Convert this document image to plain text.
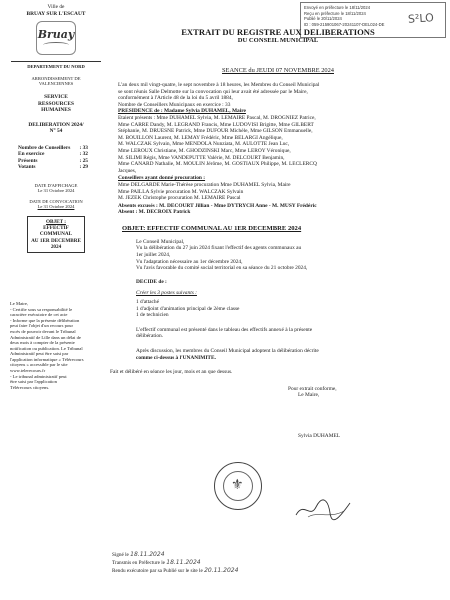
Envoyé en préfecture le 18/11/2024
Reçu en préfecture le 18/11/2024
Publié le 20/11/2024
ID : 059-215901067-20241107-DEL024-DE	S²LO
Ville de
BRUAY SUR L'ESCAUT
Bruay
DEPARTEMENT DU NORD
ARRONDISSEMENT DE VALENCIENNES
SERVICE
RESSOURCES HUMAINES
DELIBERATION 2024/
N° 54
Nombre de Conseillers : 33
En exercice	: 32
Présents	: 25
Votants	: 29
DATE D'AFFICHAGE
Le 31 Octobre 2024
DATE DE CONVOCATION
Le 31 Octobre 2024
OBJET :
EFFECTIF
COMMUNAL
AU 1ER DECEMBRE 2024
Le Maire,
- Certifie sous sa responsabilité le
caractère exécutoire de cet acte
- Informe que la présente délibération
peut faire l'objet d'un recours pour
excès de pouvoir devant le Tribunal
Administratif de Lille dans un délai de
deux mois à compter de la présente
notification ou publication. Le Tribunal
Administratif peut être saisi par
l'application informatique « Télérecours
citoyens » accessible par le site
www.telerecours.fr
- Le tribunal administratif peut
être saisi par l'application
Télérecours citoyens.
EXTRAIT DU REGISTRE AUX DELIBERATIONS
DU CONSEIL MUNICIPAL
SEANCE du JEUDI 07 NOVEMBRE 2024
L'an deux mil vingt-quatre, le sept novembre à 18 heures, les Membres du Conseil Municipal
se sont réunis Salle Delmotte sur la convocation qui leur avait été adressée par le Maire,
conformément à l'Article 48 de la loi du 5 avril 1884,
Nombre de Conseillers Municipaux en exercice : 33
PRESIDENCE de : Madame Sylvia DUHAMEL, Maire
Etaient présents : Mme DUHAMEL Sylvia, M. LEMAIRE Pascal, M. DROGNIEZ Patrice,
Mme CARRE Dandy, M. LEGRAND Francis, Mme LUDOVISI Brigitte, Mme GILBERT
Stéphanie, M. DRUESNE Patrick, Mme DUFOUR Michèle, Mme GILSON Emmanuelle,
M. BOUILLON Laurent, M. LEMAY Frédéric, Mme BELARGI Angélique,
M. WALCZAK Sylvain, Mme MENDOLA Nunziata, M. AULOTTE Jean Luc,
Mme LEROUX Christiane, M. GHODZINSKI Marc, Mme LEROY Véronique,
M. SILIMI Régis, Mme VANDEPUTTE Valérie, M. DELCOURT Benjamin,
Mme CANARD Nathalie, M. MOULIN Jérôme, M. GOSTIAUX Philippe, M. LECLERCQ
Jacques,
Conseillers ayant donné procuration :
Mme DELGARDE Marie-Thérèse procuration Mme DUHAMEL Sylvia, Maire
Mme PAILLA Sylvie procuration M. WALCZAK Sylvain
M. JEZEK Christophe procuration M. LEMAIRE Pascal
Absents excusés : M. DECOURT Jillian - Mme DYTRYCH Anne - M. MUSY Frédéric
Absent : M. DECROIX Patrick
OBJET: EFFECTIF COMMUNAL AU 1ER DECEMBRE 2024
Le Conseil Municipal,
Vu la délibération du 27 juin 2024 fixant l'effectif des agents communaux au
1er juillet 2024,
Vu l'adaptation nécessaire au 1er décembre 2024,
Vu l'avis favorable du comité social territorial en sa séance du 21 octobre 2024,
DECIDE de :
Créer les 3 postes suivants :
1 d'attaché
1 d'adjoint d'animation principal de 2ème classe
1 de technicien
L'effectif communal est présenté dans le tableau des effectifs annexé à la présente
délibération.
Après discussion, les membres du Conseil Municipal adoptent la délibération décrite
comme ci-dessus à l'UNANIMITE.
Fait et délibéré en séance les jour, mois et an que dessus.
Pour extrait conforme,
Le Maire,
Sylvia DUHAMEL
⚜
Signé le 18.11.2024
Transmis en Préfecture le 18.11.2024
Rendu exécutoire par sa Publié sur le site le 20.11.2024
